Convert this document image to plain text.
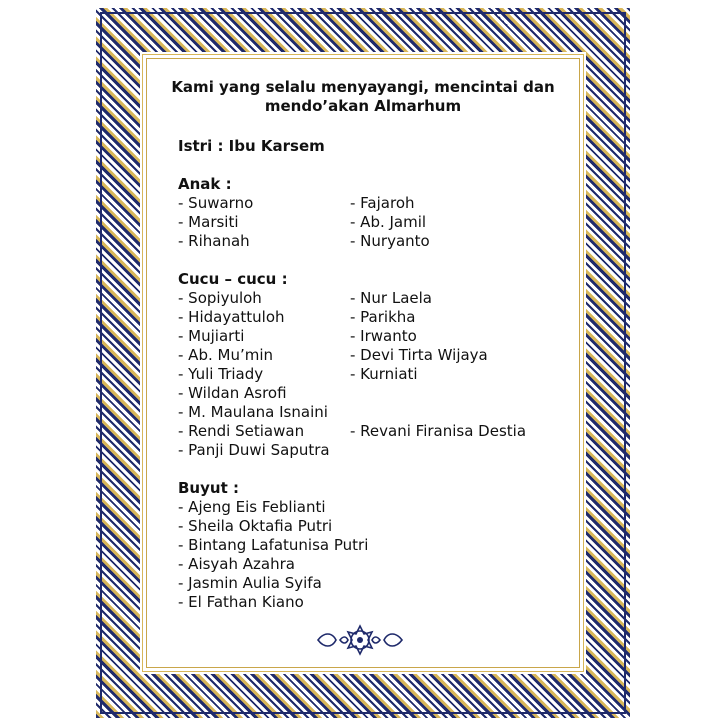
Kami yang selalu menyayangi, mencintai dan
mendo’akan Almarhum
Istri : Ibu Karsem
Anak :
- Suwarno	- Fajaroh
- Marsiti	- Ab. Jamil
- Rihanah	- Nuryanto
Cucu – cucu :
- Sopiyuloh	- Nur Laela
- Hidayattuloh	- Parikha
- Mujiarti	- Irwanto
- Ab. Mu’min	- Devi Tirta Wijaya
- Yuli Triady	- Kurniati
- Wildan Asrofi
- M. Maulana Isnaini
- Rendi Setiawan	- Revani Firanisa Destia
- Panji Duwi Saputra
Buyut :
- Ajeng Eis Feblianti
- Sheila Oktafia Putri
- Bintang Lafatunisa Putri
- Aisyah Azahra
- Jasmin Aulia Syifa
- El Fathan Kiano
